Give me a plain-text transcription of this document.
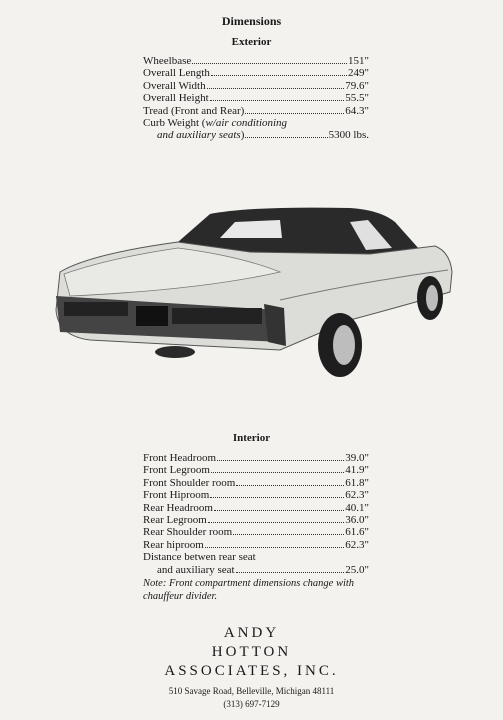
Dimensions
Exterior
Wheelbase	151"
Overall Length	249"
Overall Width	79.6"
Overall Height	55.5"
Tread (Front and Rear)	64.3"
Curb Weight (w/air conditioning
and auxiliary seats)	5300 lbs.
Interior
Front Headroom	39.0"
Front Legroom	41.9"
Front Shoulder room	61.8"
Front Hiproom	62.3"
Rear Headroom	40.1"
Rear Legroom	36.0"
Rear Shoulder room	61.6"
Rear hiproom	62.3"
Distance betwen rear seat
and auxiliary seat	25.0"
Note: Front compartment dimensions change with chauffeur divider.
ANDY
HOTTON
ASSOCIATES, INC.
510 Savage Road, Belleville, Michigan 48111
(313) 697-7129
